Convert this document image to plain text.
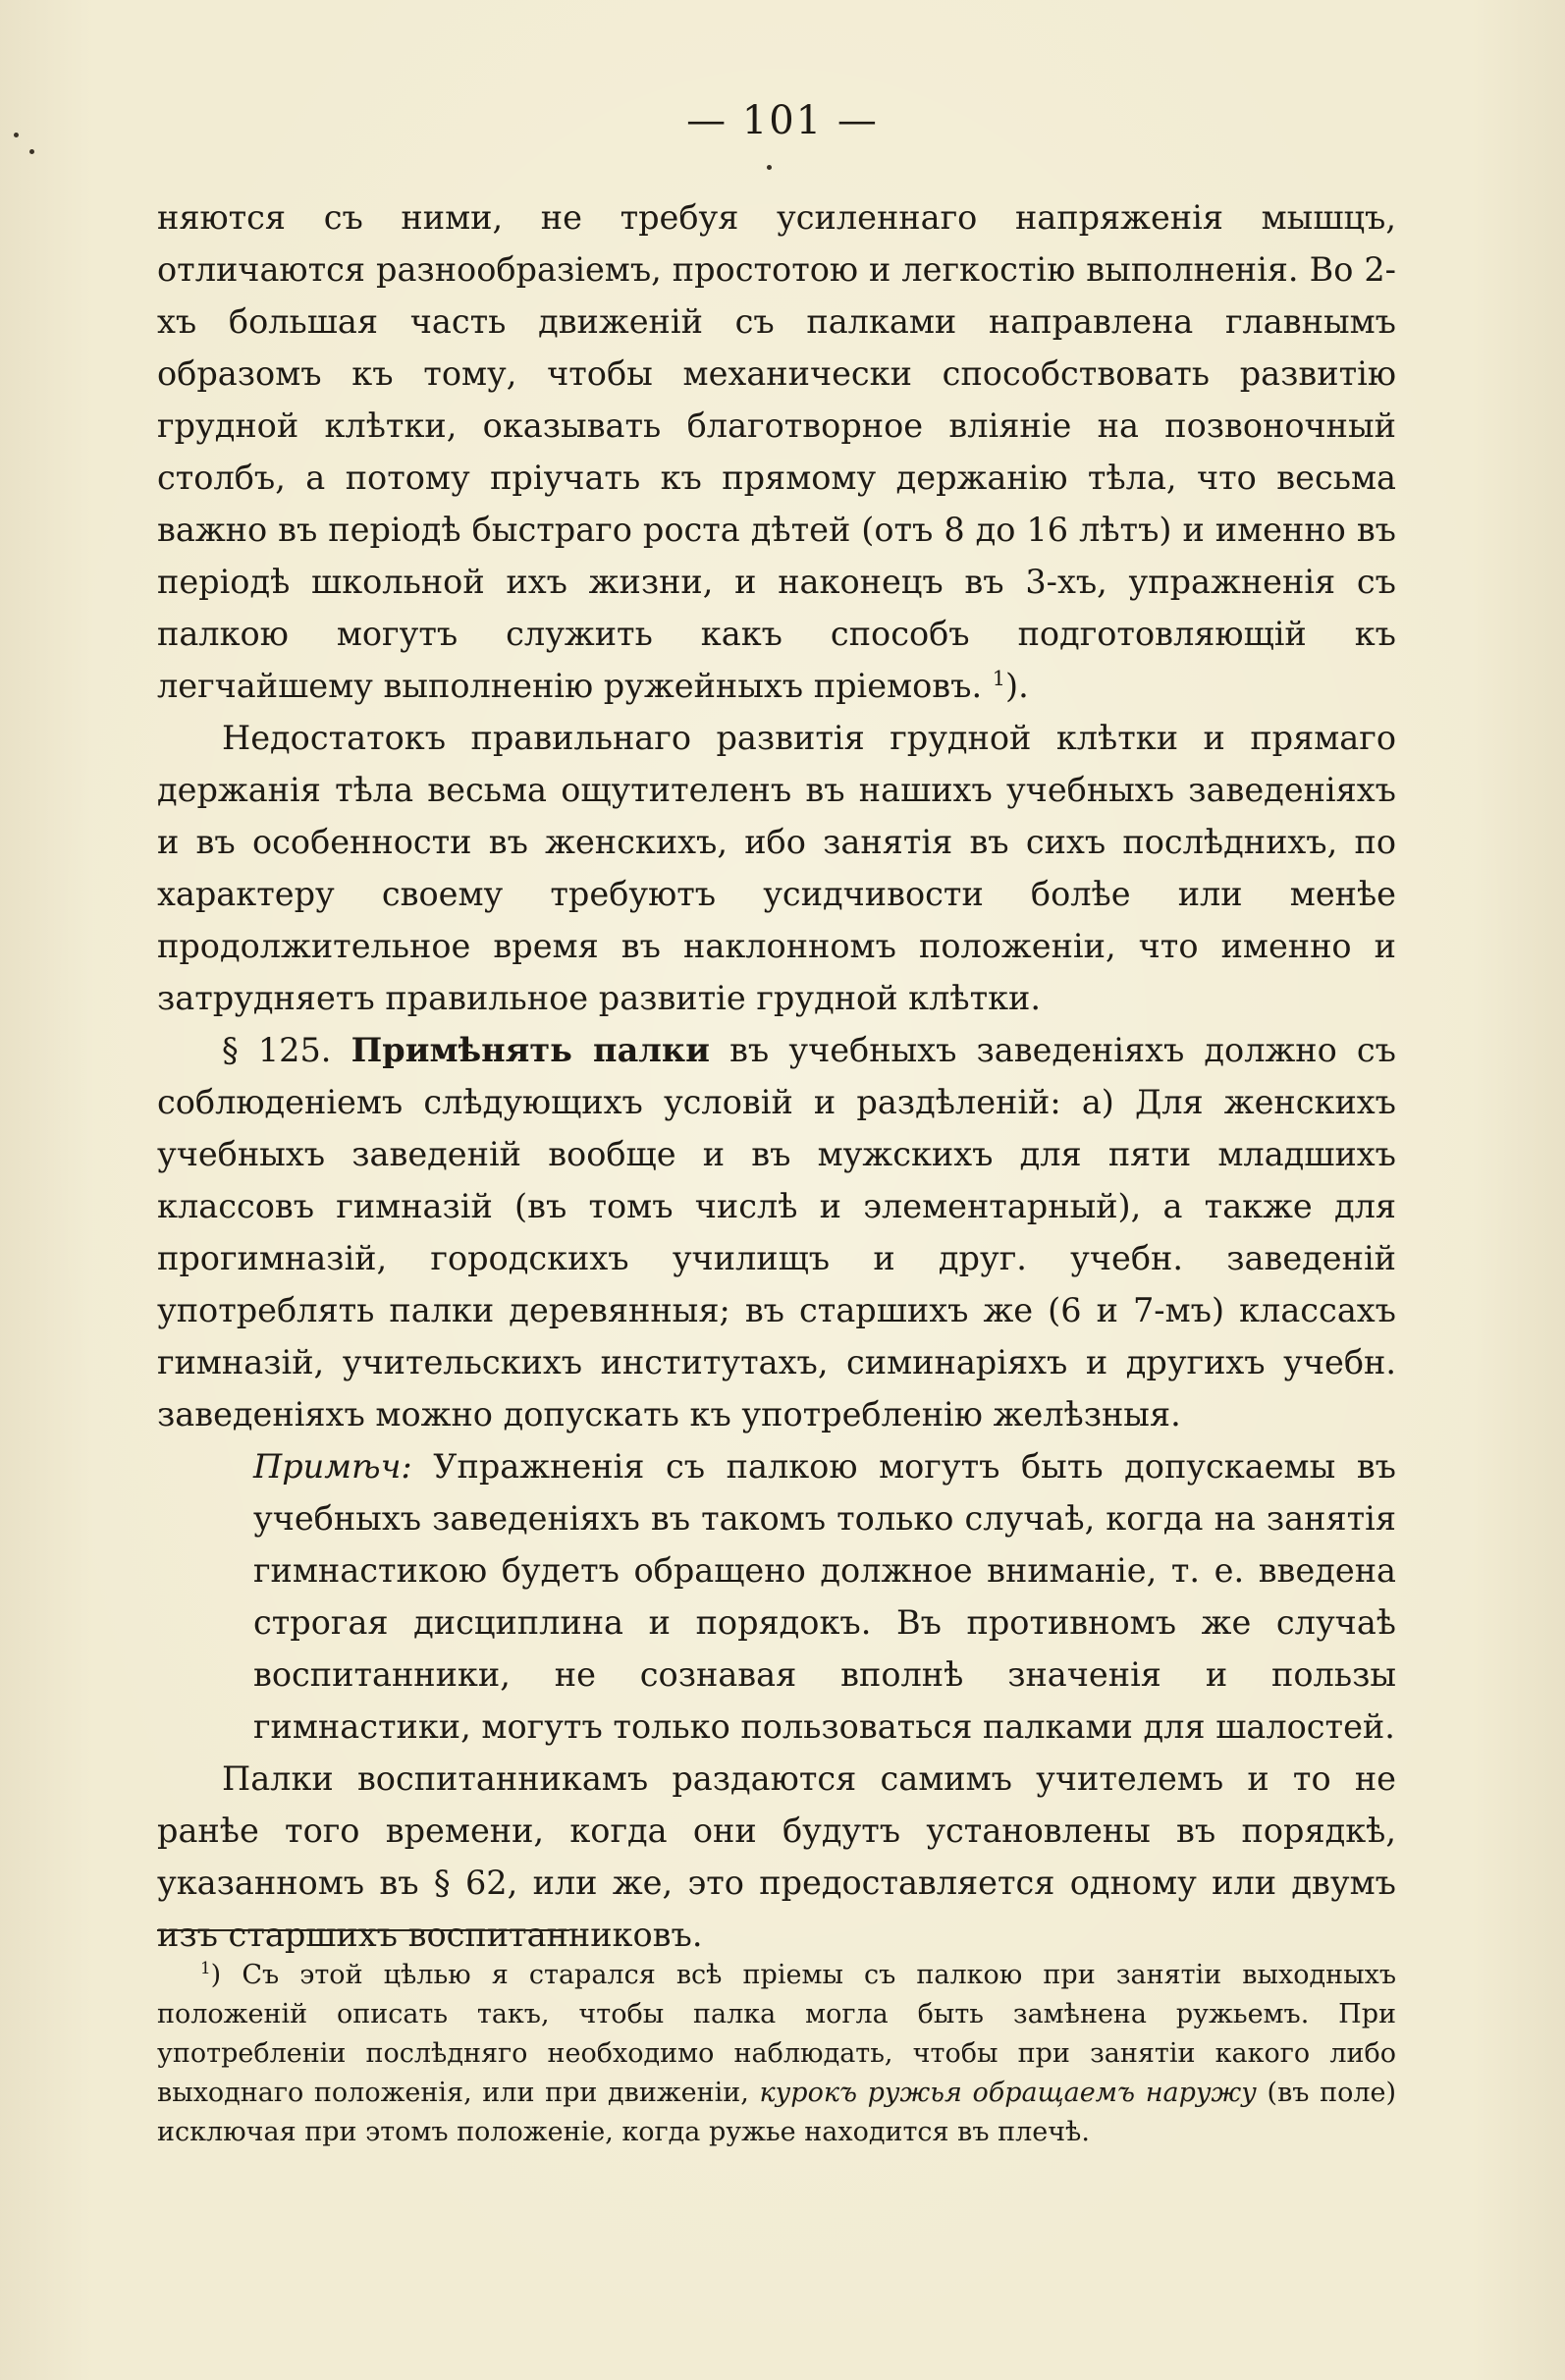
— 101 —

няются съ ними, не требуя усиленнаго напряженія мышцъ, отличаются разнообразіемъ, простотою и легкостію выполненія. Во 2-хъ большая часть движеній съ палками направлена главнымъ образомъ къ тому, чтобы механически способствовать развитію грудной клѣтки, оказывать благотворное вліяніе на позвоночный столбъ, а потому пріучать къ прямому держанію тѣла, что весьма важно въ періодѣ быстраго роста дѣтей (отъ 8 до 16 лѣтъ) и именно въ періодѣ школьной ихъ жизни, и наконецъ въ 3-хъ, упражненія съ палкою могутъ служить какъ способъ подготовляющій къ легчайшему выполненію ружейныхъ пріемовъ. $^1$).

Недостатокъ правильнаго развитія грудной клѣтки и прямаго держанія тѣла весьма ощутителенъ въ нашихъ учебныхъ заведеніяхъ и въ особенности въ женскихъ, ибо занятія въ сихъ послѣднихъ, по характеру своему требуютъ усидчивости болѣе или менѣе продолжительное время въ наклонномъ положеніи, что именно и затрудняетъ правильное развитіе грудной клѣтки.

§ 125. Примѣнять палки въ учебныхъ заведеніяхъ должно съ соблюденіемъ слѣдующихъ условій и раздѣленій: а) Для женскихъ учебныхъ заведеній вообще и въ мужскихъ для пяти младшихъ классовъ гимназій (въ томъ числѣ и элементарный), а также для прогимназій, городскихъ училищъ и друг. учебн. заведеній употреблять палки деревянныя; въ старшихъ же (6 и 7-мъ) классахъ гимназій, учительскихъ институтахъ, симинаріяхъ и другихъ учебн. заведеніяхъ можно допускать къ употребленію желѣзныя.

Примѣч: Упражненія съ палкою могутъ быть допускаемы въ учебныхъ заведеніяхъ въ такомъ только случаѣ, когда на занятія гимнастикою будетъ обращено должное вниманіе, т. е. введена строгая дисциплина и порядокъ. Въ противномъ же случаѣ воспитанники, не сознавая вполнѣ значенія и пользы гимнастики, могутъ только пользоваться палками для шалостей.

Палки воспитанникамъ раздаются самимъ учителемъ и то не ранѣе того времени, когда они будутъ установлены въ порядкѣ, указанномъ въ § 62, или же, это предоставляется одному или двумъ изъ старшихъ воспитанниковъ.

$^1$) Съ этой цѣлью я старался всѣ пріемы съ палкою при занятіи выходныхъ положеній описать такъ, чтобы палка могла быть замѣнена ружьемъ. При употребленіи послѣдняго необходимо наблюдать, чтобы при занятіи какого либо выходнаго положенія, или при движеніи, курокъ ружья обращаемъ наружу (въ поле) исключая при этомъ положеніе, когда ружье находится въ плечѣ.
